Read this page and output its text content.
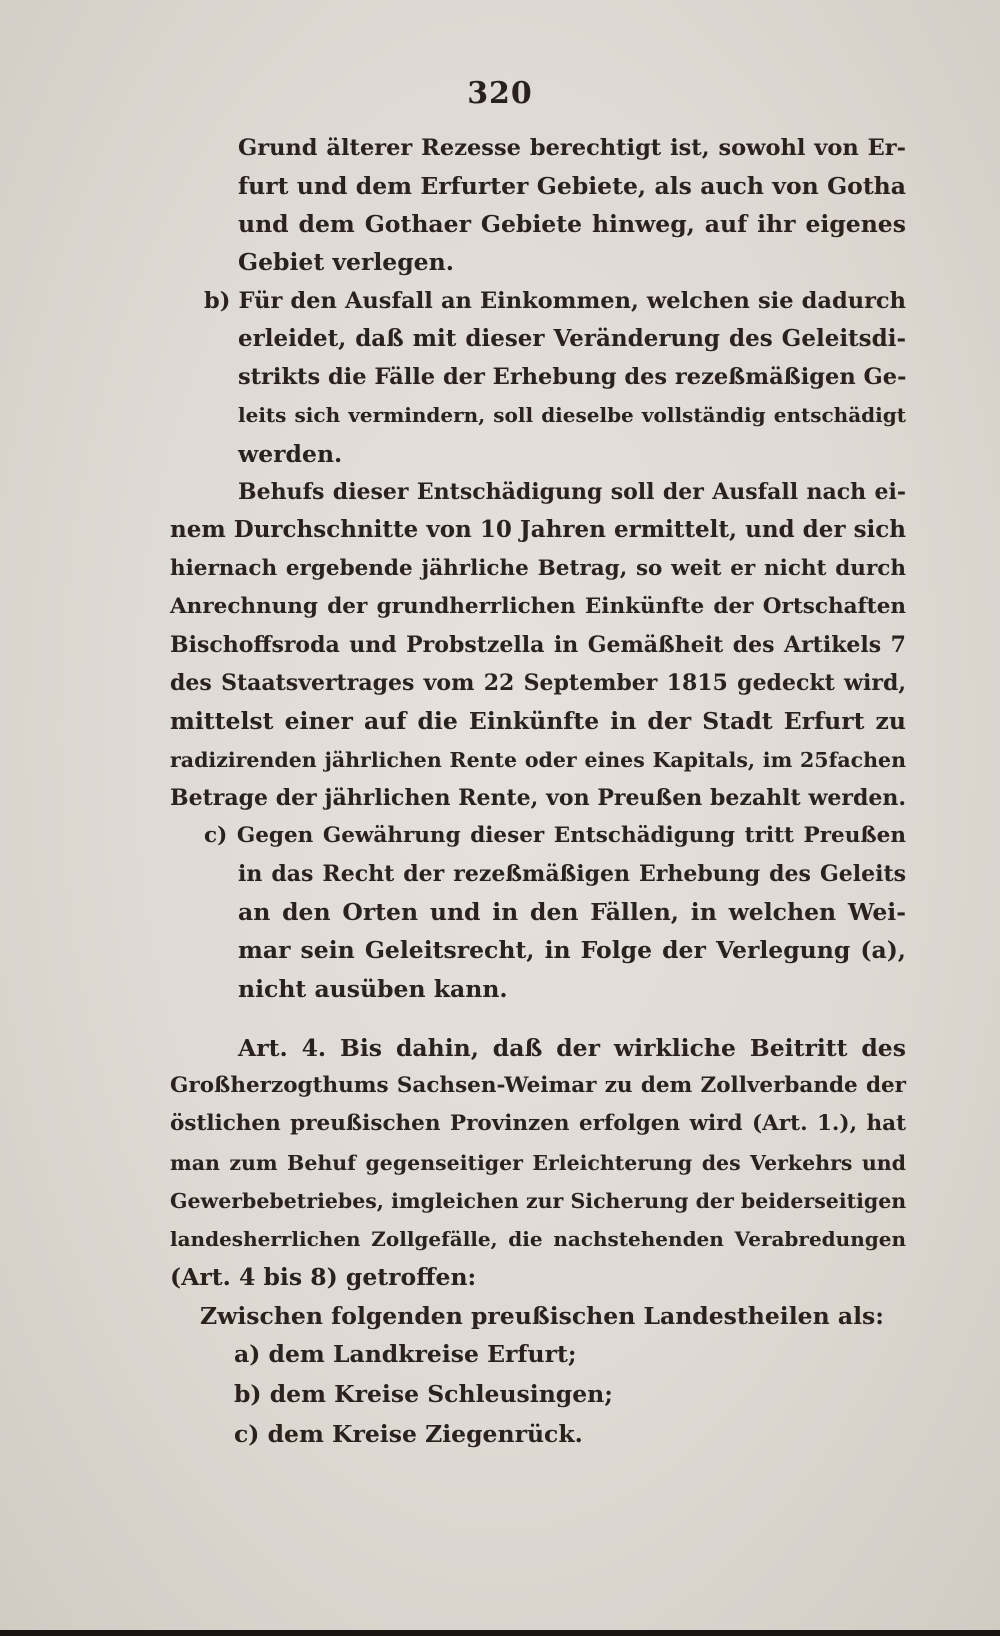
320
Grund älterer Rezesse berechtigt ist, sowohl von Er-
furt und dem Erfurter Gebiete, als auch von Gotha
und dem Gothaer Gebiete hinweg, auf ihr eigenes
Gebiet verlegen.
b) Für den Ausfall an Einkommen, welchen sie dadurch
erleidet, daß mit dieser Veränderung des Geleitsdi-
strikts die Fälle der Erhebung des rezeßmäßigen Ge-
leits sich vermindern, soll dieselbe vollständig entschädigt
werden.
Behufs dieser Entschädigung soll der Ausfall nach ei-
nem Durchschnitte von 10 Jahren ermittelt, und der sich
hiernach ergebende jährliche Betrag, so weit er nicht durch
Anrechnung der grundherrlichen Einkünfte der Ortschaften
Bischoffsroda und Probstzella in Gemäßheit des Artikels 7
des Staatsvertrages vom 22 September 1815 gedeckt wird,
mittelst einer auf die Einkünfte in der Stadt Erfurt zu
radizirenden jährlichen Rente oder eines Kapitals, im 25fachen
Betrage der jährlichen Rente, von Preußen bezahlt werden.
c) Gegen Gewährung dieser Entschädigung tritt Preußen
in das Recht der rezeßmäßigen Erhebung des Geleits
an den Orten und in den Fällen, in welchen Wei-
mar sein Geleitsrecht, in Folge der Verlegung (a),
nicht ausüben kann.
Art. 4. Bis dahin, daß der wirkliche Beitritt des
Großherzogthums Sachsen-Weimar zu dem Zollverbande der
östlichen preußischen Provinzen erfolgen wird (Art. 1.), hat
man zum Behuf gegenseitiger Erleichterung des Verkehrs und
Gewerbebetriebes, imgleichen zur Sicherung der beiderseitigen
landesherrlichen Zollgefälle, die nachstehenden Verabredungen
(Art. 4 bis 8) getroffen:
Zwischen folgenden preußischen Landestheilen als:
a) dem Landkreise Erfurt;
b) dem Kreise Schleusingen;
c) dem Kreise Ziegenrück.
